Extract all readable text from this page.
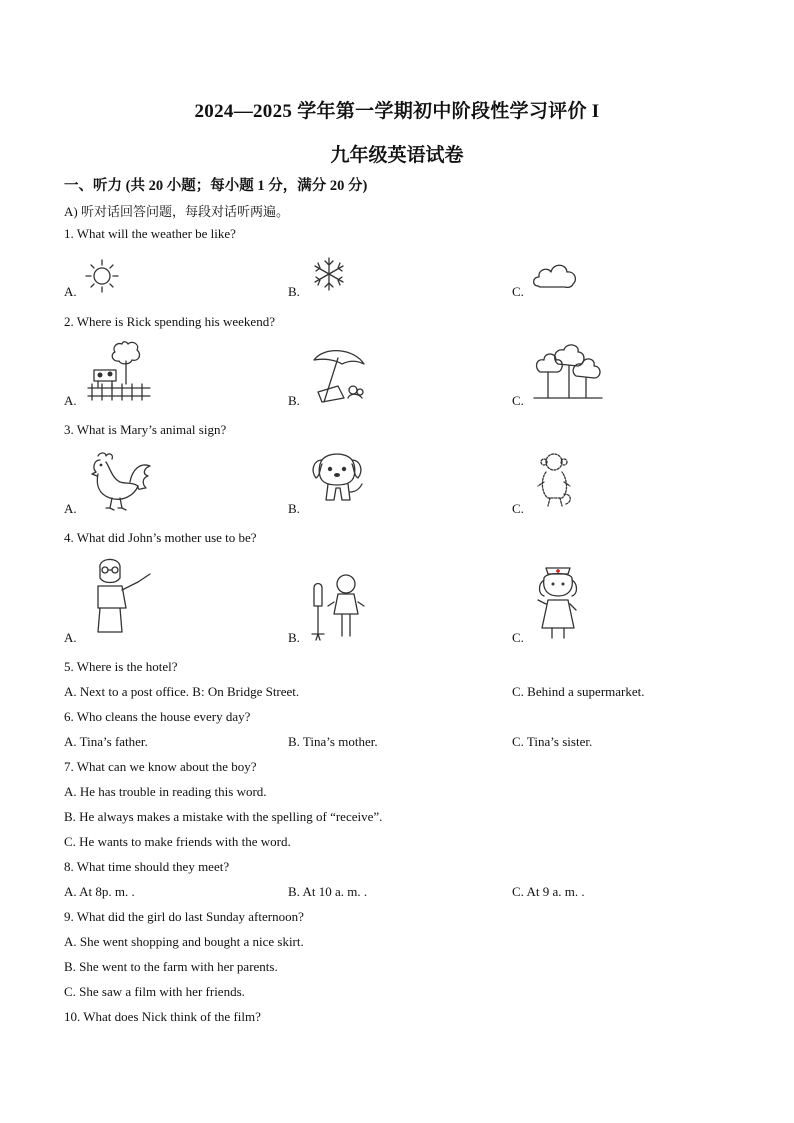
2024—2025 学年第一学期初中阶段性学习评价 I
九年级英语试卷
一、听力 (共 20 小题；每小题 1 分，满分 20 分)
A) 听对话回答问题，每段对话听两遍。
1. What will the weather be like?
A.	B.	C.
2. Where is Rick spending his weekend?
A.	B.	C.
3. What is Mary’s animal sign?
A.	B.	C.
4. What did John’s mother use to be?
A.	B.	C.
5. Where is the hotel?
A. Next to a post office. B: On Bridge Street.	C. Behind a supermarket.
6. Who cleans the house every day?
A. Tina’s father.	B. Tina’s mother.	C. Tina’s sister.
7. What can we know about the boy?
A. He has trouble in reading this word.
B. He always makes a mistake with the spelling of “receive”.
C. He wants to make friends with the word.
8. What time should they meet?
A. At 8p. m. .	B. At 10 a. m. .	C. At 9 a. m. .
9. What did the girl do last Sunday afternoon?
A. She went shopping and bought a nice skirt.
B. She went to the farm with her parents.
C. She saw a film with her friends.
10. What does Nick think of the film?
